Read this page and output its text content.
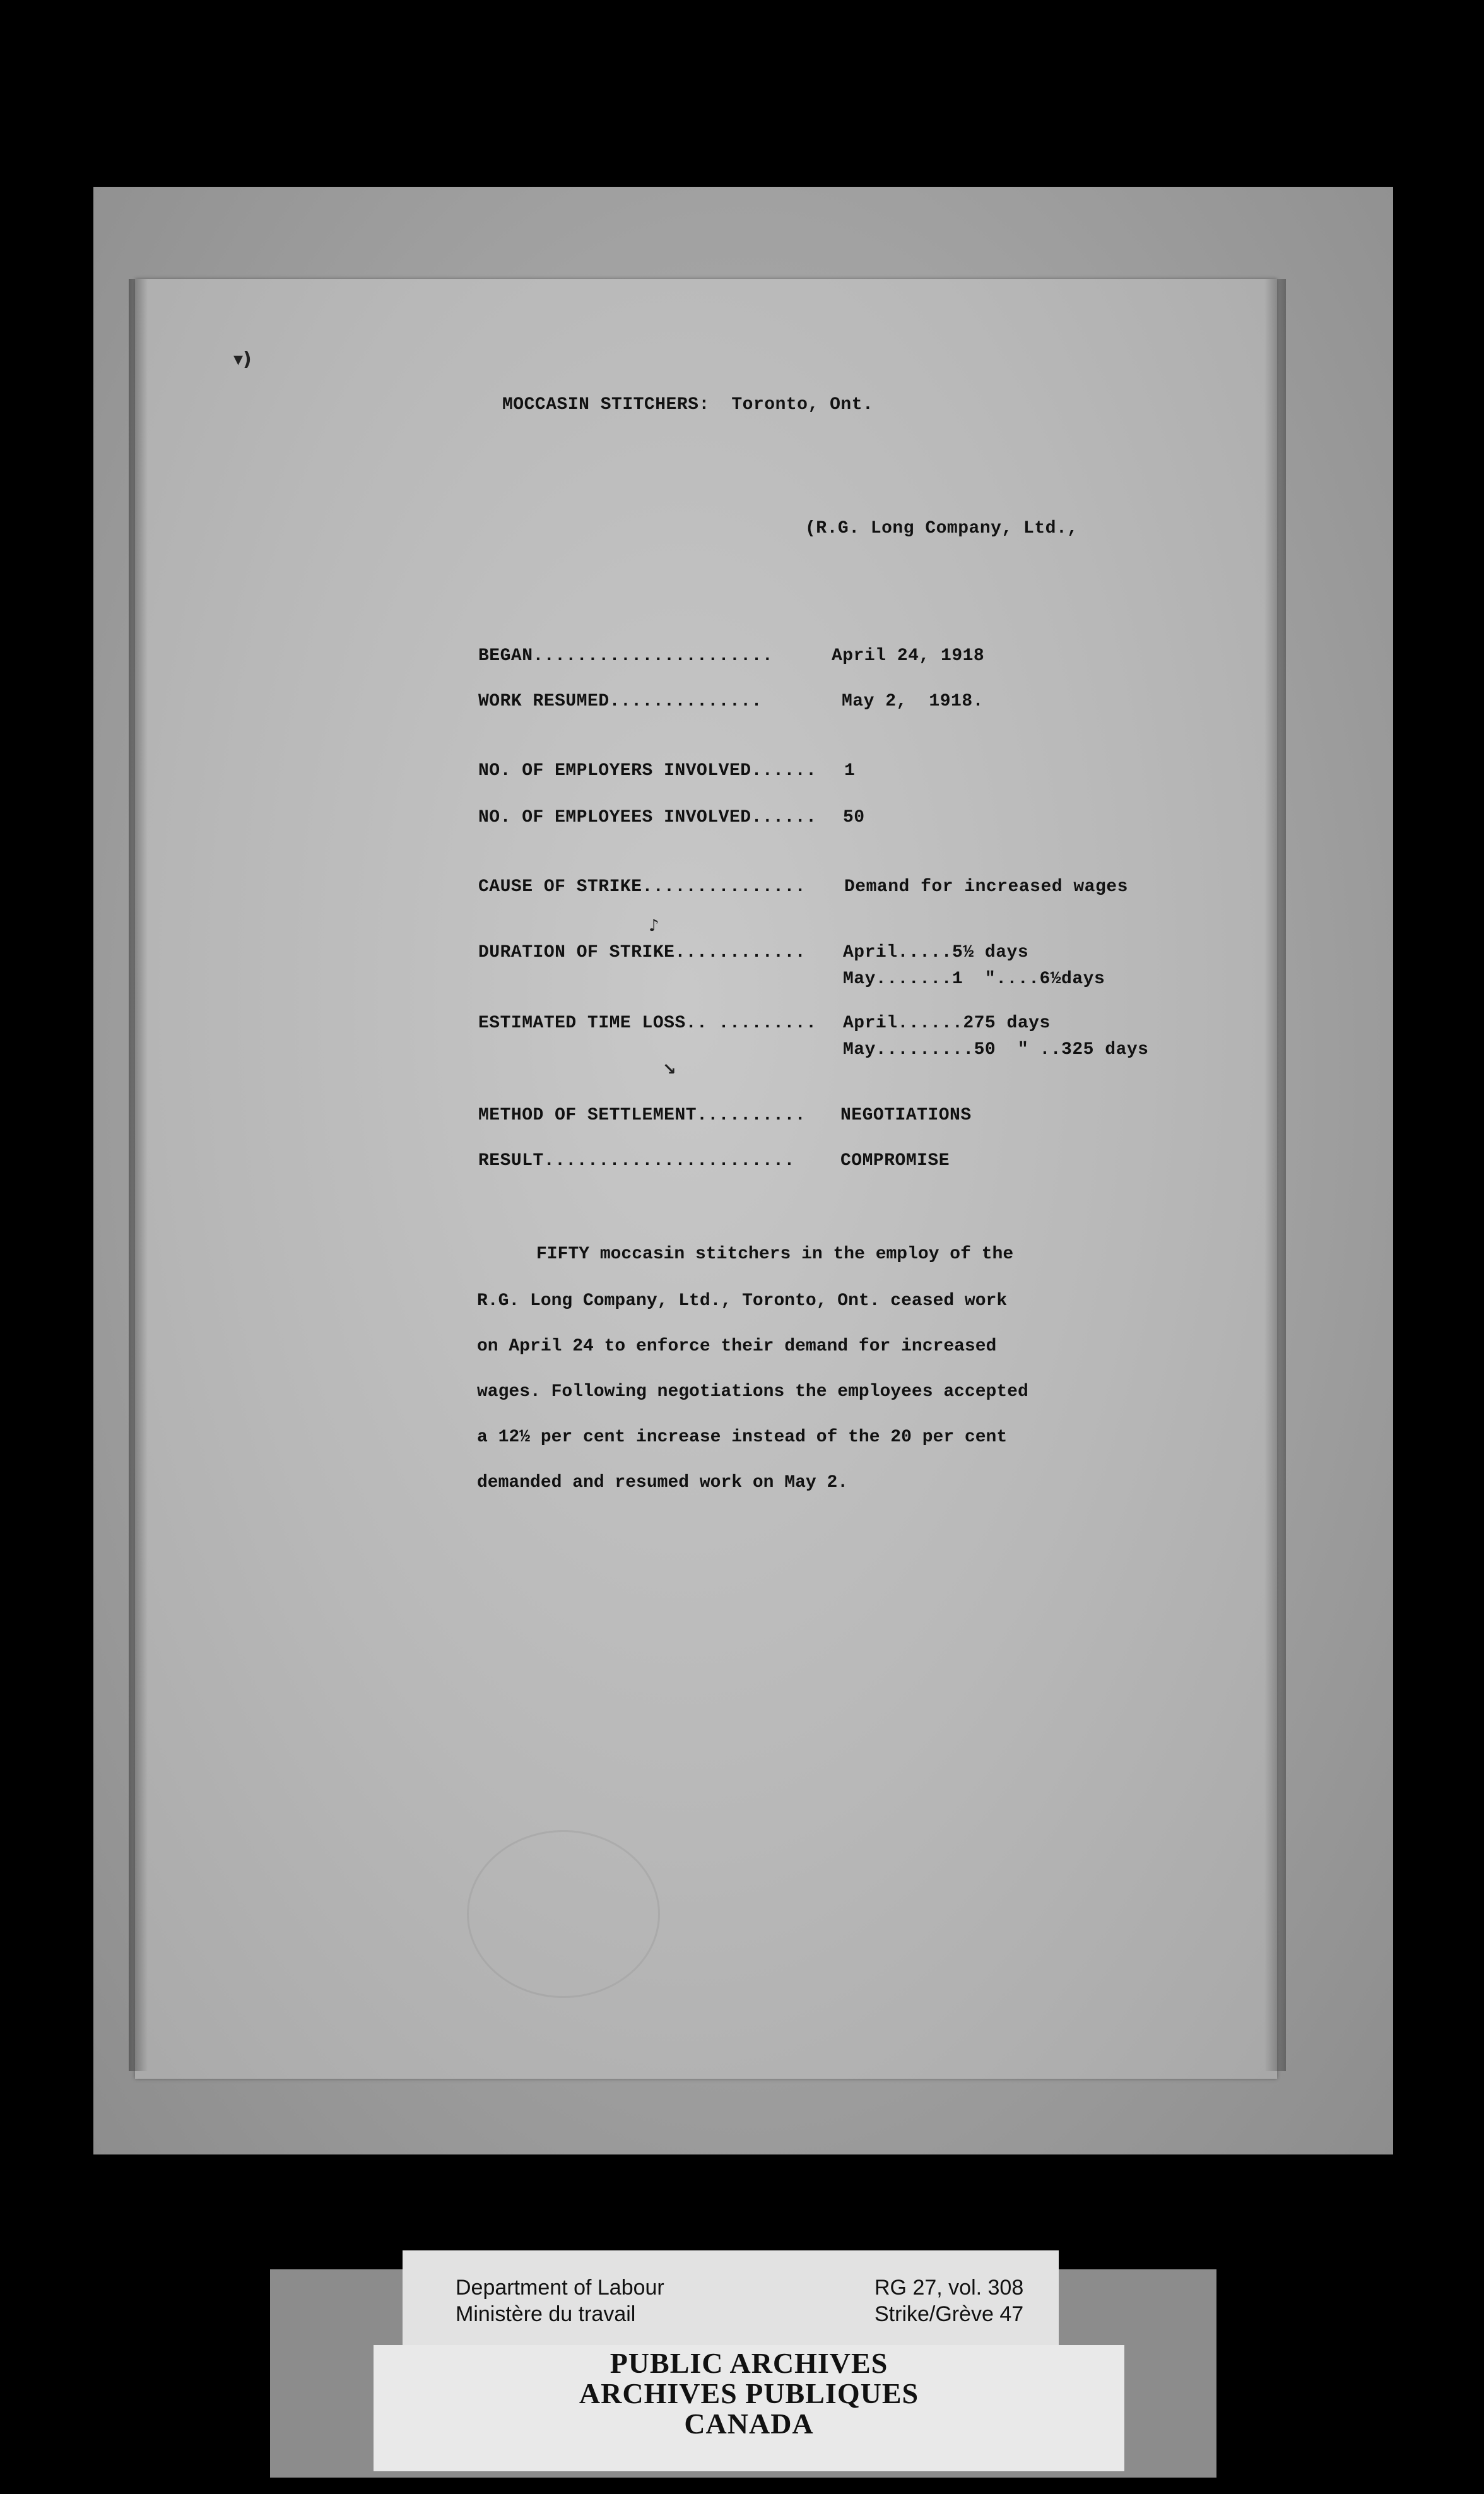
▾)
♪
↘
MOCCASIN STITCHERS:  Toronto, Ont.
(R.G. Long Company, Ltd.,
BEGAN......................	April 24, 1918
WORK RESUMED..............	May 2,  1918.
NO. OF EMPLOYERS INVOLVED...... 1
NO. OF EMPLOYEES INVOLVED...... 50
CAUSE OF STRIKE............... Demand for increased wages
DURATION OF STRIKE............ April.....5½ days
May.......1  "....6½days
ESTIMATED TIME LOSS.. ......... April......275 days
May.........50  " ..325 days
METHOD OF SETTLEMENT.......... NEGOTIATIONS
RESULT.......................	COMPROMISE
FIFTY moccasin stitchers in the employ of the
R.G. Long Company, Ltd., Toronto, Ont. ceased work
on April 24 to enforce their demand for increased
wages. Following negotiations the employees accepted
a 12½ per cent increase instead of the 20 per cent
demanded and resumed work on May 2.
Department of Labour
Ministère du travail
RG 27, vol. 308
Strike/Grève 47
PUBLIC ARCHIVES
ARCHIVES PUBLIQUES
CANADA
